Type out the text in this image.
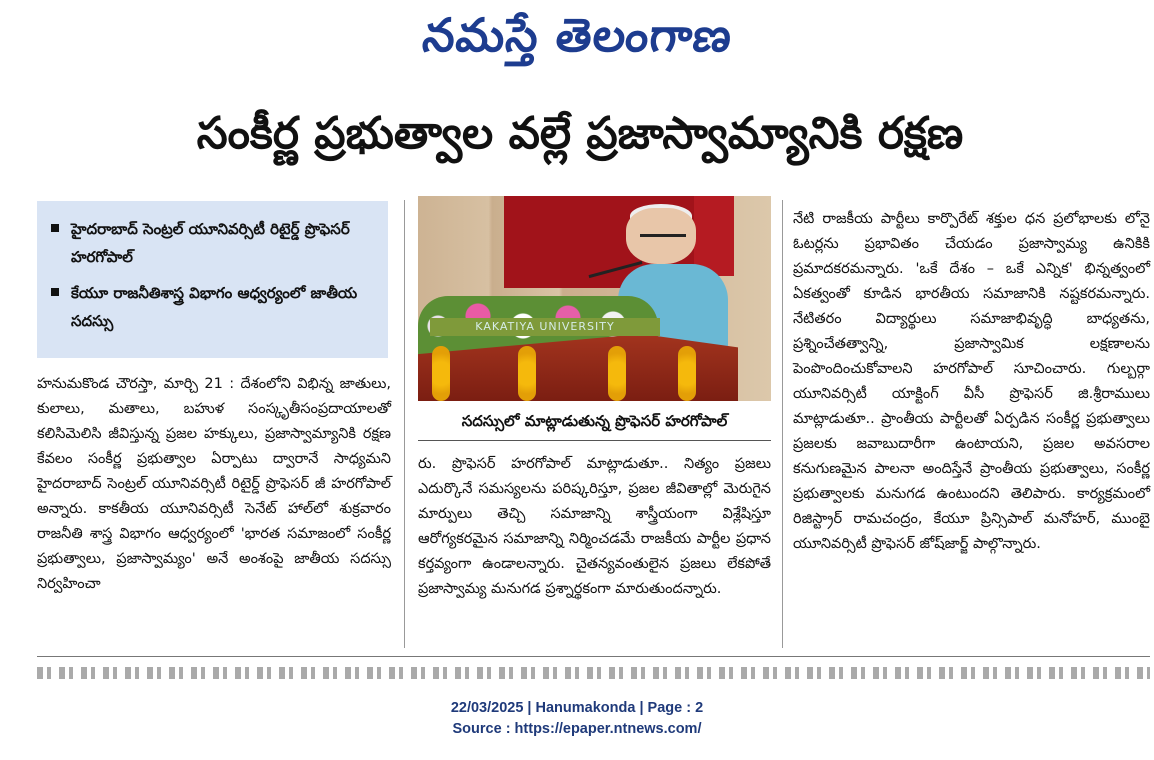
నమస్తే తెలంగాణ
సంకీర్ణ ప్రభుత్వాల వల్లే ప్రజాస్వామ్యానికి రక్షణ
హైదరాబాద్ సెంట్రల్ యూనివర్సిటీ రిటైర్డ్ ప్రొఫెసర్ హరగోపాల్
కేయూ రాజనీతిశాస్త్ర విభాగం ఆధ్వర్యంలో జాతీయ సదస్సు	KAKATIYA UNIVERSITY
సదస్సులో మాట్లాడుతున్న ప్రొఫెసర్ హరగోపాల్

హనుమకొండ చౌరస్తా, మార్చి 21 : దేశంలోని విభిన్న జాతులు, కులాలు, మతాలు, బహుళ సంస్కృతీసంప్రదాయాలతో కలిసిమెలిసి జీవిస్తున్న ప్రజల హక్కులు, ప్రజాస్వామ్యానికి రక్షణ కేవలం సంకీర్ణ ప్రభుత్వాల ఏర్పాటు ద్వారానే సాధ్యమని హైదరాబాద్ సెంట్రల్ యూనివర్సిటీ రిటైర్డ్ ప్రొఫెసర్ జీ హరగోపాల్ అన్నారు. కాకతీయ యూనివర్సిటీ సెనేట్ హాల్‌లో శుక్రవారం రాజనీతి శాస్త్ర విభాగం ఆధ్వర్యంలో 'భారత సమాజంలో సంకీర్ణ ప్రభుత్వాలు, ప్రజాస్వామ్యం' అనే అంశంపై జాతీయ సదస్సు నిర్వహించా

రు. ప్రొఫెసర్ హరగోపాల్ మాట్లాడుతూ.. నిత్యం ప్రజలు ఎదుర్కొనే సమస్యలను పరిష్కరిస్తూ, ప్రజల జీవితాల్లో మెరుగైన మార్పులు తెచ్చి సమాజాన్ని శాస్త్రీయంగా విశ్లేషిస్తూ ఆరోగ్యకరమైన సమాజాన్ని నిర్మించడమే రాజకీయ పార్టీల ప్రధాన కర్తవ్యంగా ఉండాలన్నారు. చైతన్యవంతులైన ప్రజలు లేకపోతే ప్రజాస్వామ్య మనుగడ ప్రశ్నార్థకంగా మారుతుందన్నారు.

నేటి రాజకీయ పార్టీలు కార్పొరేట్ శక్తుల ధన ప్రలోభాలకు లోనై ఓటర్లను ప్రభావితం చేయడం ప్రజాస్వామ్య ఉనికికి ప్రమాదకరమన్నారు. 'ఒకే దేశం – ఒకే ఎన్నిక' భిన్నత్వంలో ఏకత్వంతో కూడిన భారతీయ సమాజానికి నష్టకరమన్నారు. నేటితరం విద్యార్థులు సమాజాభివృద్ధి బాధ్యతను, ప్రశ్నించేతత్వాన్ని, ప్రజాస్వామిక లక్షణాలను పెంపొందించుకోవాలని హరగోపాల్ సూచించారు. గుల్బర్గా యూనివర్సిటీ యాక్టింగ్ వీసీ ప్రొఫెసర్ జి.శ్రీరాములు మాట్లాడుతూ.. ప్రాంతీయ పార్టీలతో ఏర్పడిన సంకీర్ణ ప్రభుత్వాలు ప్రజలకు జవాబుదారీగా ఉంటాయని, ప్రజల అవసరాల కనుగుణమైన పాలనా అందిస్తేనే ప్రాంతీయ ప్రభుత్వాలు, సంకీర్ణ ప్రభుత్వాలకు మనుగడ ఉంటుందని తెలిపారు. కార్యక్రమంలో రిజిస్ట్రార్ రామచంద్రం, కేయూ ప్రిన్సిపాల్ మనోహర్, ముంబై యూనివర్సిటీ ప్రొఫెసర్ జోష్‌జార్జ్ పాల్గొన్నారు.

22/03/2025 | Hanumakonda | Page : 2
Source : https://epaper.ntnews.com/
